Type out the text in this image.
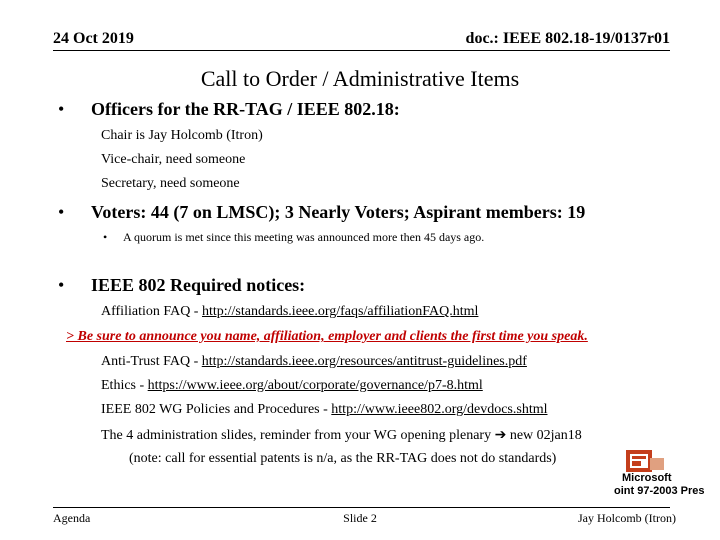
24 Oct 2019	doc.: IEEE 802.18-19/0137r01
Call to Order / Administrative Items
• Officers for the RR-TAG / IEEE 802.18:
Chair is Jay Holcomb (Itron)
Vice-chair, need someone
Secretary, need someone
• Voters: 44 (7 on LMSC); 3 Nearly Voters; Aspirant members: 19
• A quorum is met since this meeting was announced more then 45 days ago.
• IEEE 802 Required notices:
Affiliation FAQ - http://standards.ieee.org/faqs/affiliationFAQ.html
> Be sure to announce you name, affiliation, employer and clients the first time you speak.
Anti-Trust FAQ - http://standards.ieee.org/resources/antitrust-guidelines.pdf
Ethics - https://www.ieee.org/about/corporate/governance/p7-8.html
IEEE 802 WG Policies and Procedures - http://www.ieee802.org/devdocs.shtml
The 4 administration slides, reminder from your WG opening plenary ➔ new 02jan18
(note: call for essential patents is n/a, as the RR-TAG does not do standards)
Microsoft
oint 97-2003 Pres
Agenda	Slide 2	Jay Holcomb (Itron)
